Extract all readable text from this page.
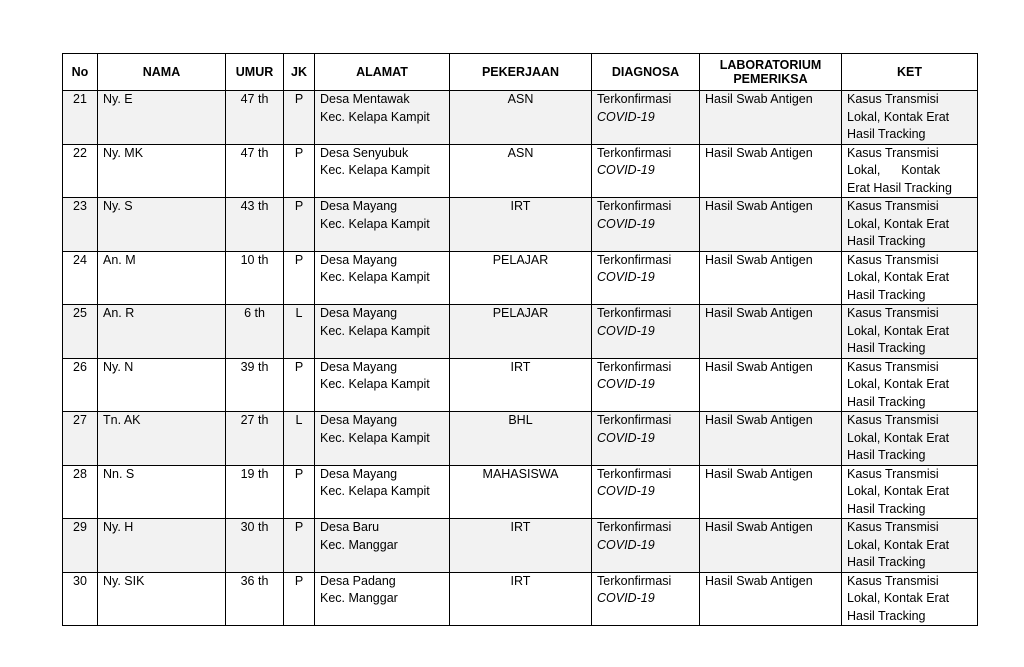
No	NAMA	UMUR	JK	ALAMAT	PEKERJAAN	DIAGNOSA	LABORATORIUM PEMERIKSA	KET
21	Ny. E	47 th	P	Desa Mentawak
Kec. Kelapa Kampit	ASN	Terkonfirmasi
COVID-19	Hasil Swab Antigen	Kasus Transmisi
Lokal, Kontak Erat
Hasil Tracking

22	Ny. MK	47 th	P	Desa Senyubuk
Kec. Kelapa Kampit	ASN	Terkonfirmasi
COVID-19	Hasil Swab Antigen	Kasus Transmisi
Lokal,      Kontak
Erat Hasil Tracking

23	Ny. S	43 th	P	Desa Mayang
Kec. Kelapa Kampit	IRT	Terkonfirmasi
COVID-19	Hasil Swab Antigen	Kasus Transmisi
Lokal, Kontak Erat
Hasil Tracking

24	An. M	10 th	P	Desa Mayang
Kec. Kelapa Kampit	PELAJAR	Terkonfirmasi
COVID-19	Hasil Swab Antigen	Kasus Transmisi
Lokal, Kontak Erat
Hasil Tracking

25	An. R	6 th	L	Desa Mayang
Kec. Kelapa Kampit	PELAJAR	Terkonfirmasi
COVID-19	Hasil Swab Antigen	Kasus Transmisi
Lokal, Kontak Erat
Hasil Tracking

26	Ny. N	39 th	P	Desa Mayang
Kec. Kelapa Kampit	IRT	Terkonfirmasi
COVID-19	Hasil Swab Antigen	Kasus Transmisi
Lokal, Kontak Erat
Hasil Tracking

27	Tn. AK	27 th	L	Desa Mayang
Kec. Kelapa Kampit	BHL	Terkonfirmasi
COVID-19	Hasil Swab Antigen	Kasus Transmisi
Lokal, Kontak Erat
Hasil Tracking

28	Nn. S	19 th	P	Desa Mayang
Kec. Kelapa Kampit	MAHASISWA	Terkonfirmasi
COVID-19	Hasil Swab Antigen	Kasus Transmisi
Lokal, Kontak Erat
Hasil Tracking

29	Ny. H	30 th	P	Desa Baru
Kec. Manggar	IRT	Terkonfirmasi
COVID-19	Hasil Swab Antigen	Kasus Transmisi
Lokal, Kontak Erat
Hasil Tracking

30	Ny. SIK	36 th	P	Desa Padang
Kec. Manggar	IRT	Terkonfirmasi
COVID-19	Hasil Swab Antigen	Kasus Transmisi
Lokal, Kontak Erat
Hasil Tracking
